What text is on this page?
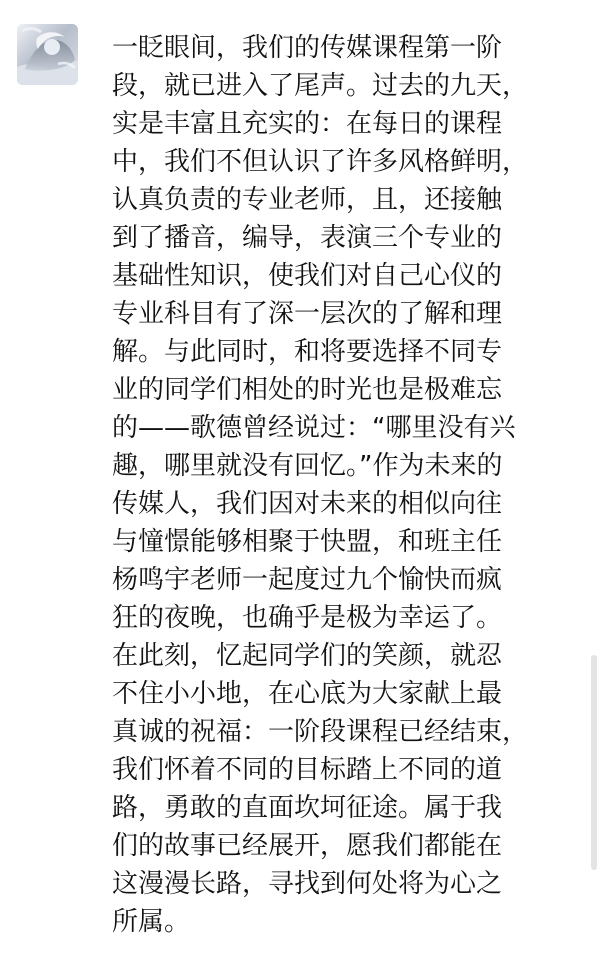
一眨眼间，我们的传媒课程第一阶
段，就已进入了尾声。过去的九天，
实是丰富且充实的：在每日的课程
中，我们不但认识了许多风格鲜明，
认真负责的专业老师，且，还接触
到了播音，编导，表演三个专业的
基础性知识，使我们对自己心仪的
专业科目有了深一层次的了解和理
解。与此同时，和将要选择不同专
业的同学们相处的时光也是极难忘
的——歌德曾经说过：“哪里没有兴
趣，哪里就没有回忆。”作为未来的
传媒人，我们因对未来的相似向往
与憧憬能够相聚于快盟，和班主任
杨鸣宇老师一起度过九个愉快而疯
狂的夜晚，也确乎是极为幸运了。
在此刻，忆起同学们的笑颜，就忍
不住小小地，在心底为大家献上最
真诚的祝福：一阶段课程已经结束，
我们怀着不同的目标踏上不同的道
路，勇敢的直面坎坷征途。属于我
们的故事已经展开，愿我们都能在
这漫漫长路，寻找到何处将为心之
所属。
